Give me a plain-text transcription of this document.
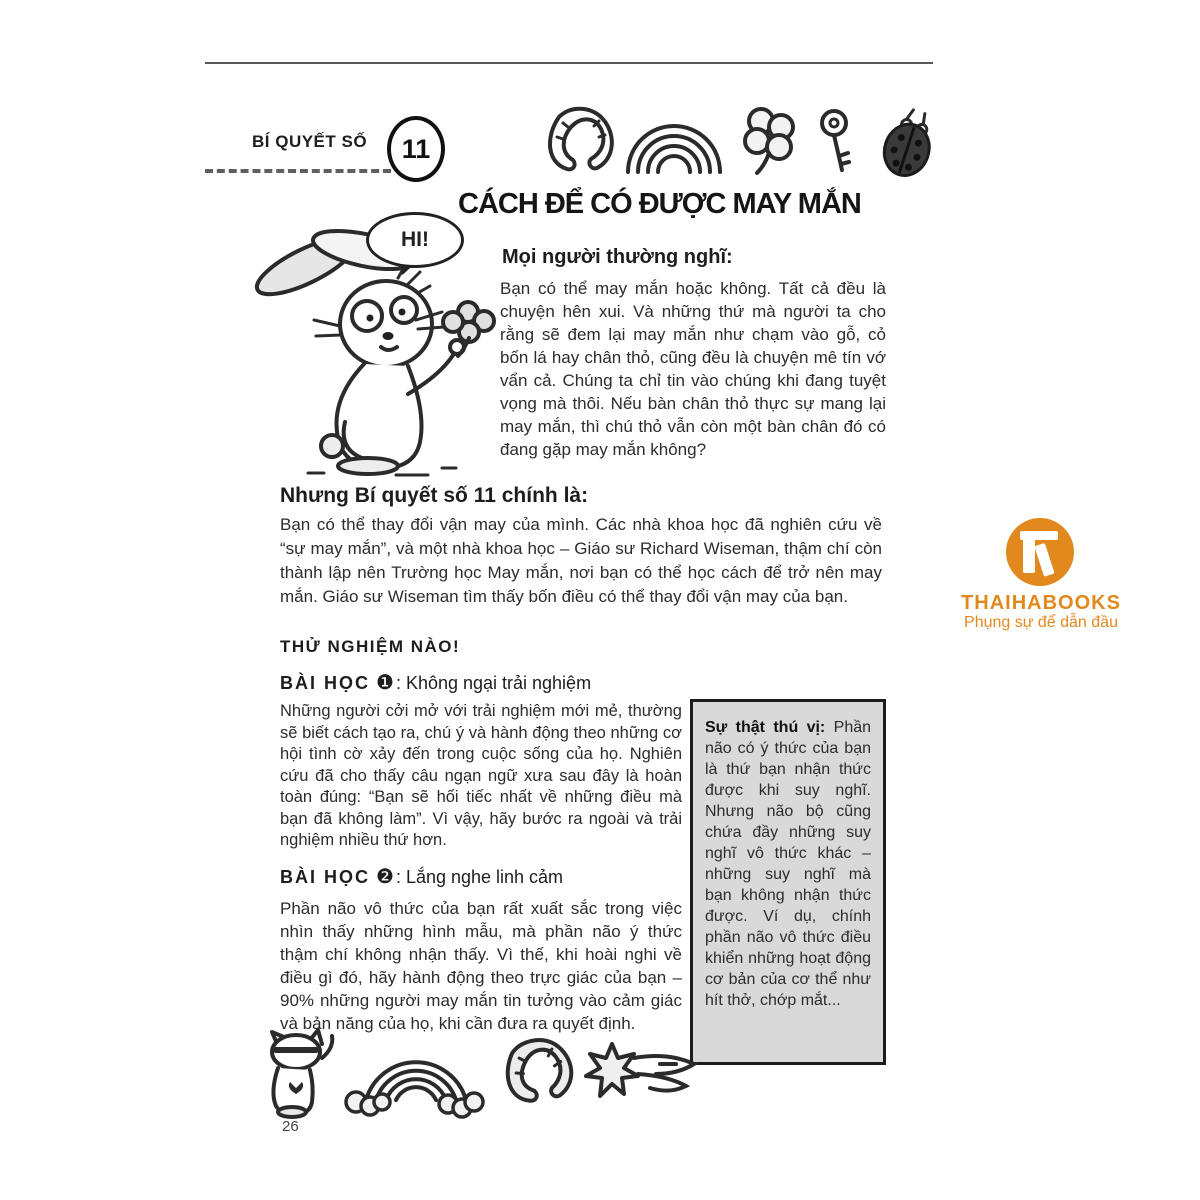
BÍ QUYẾT SỐ	11
CÁCH ĐỂ CÓ ĐƯỢC MAY MẮN
HI!
Mọi người thường nghĩ:
Bạn có thể may mắn hoặc không. Tất cả đều là chuyện hên xui. Và những thứ mà người ta cho rằng sẽ đem lại may mắn như chạm vào gỗ, cỏ bốn lá hay chân thỏ, cũng đều là chuyện mê tín vớ vẩn cả. Chúng ta chỉ tin vào chúng khi đang tuyệt vọng mà thôi. Nếu bàn chân thỏ thực sự mang lại may mắn, thì chú thỏ vẫn còn một bàn chân đó có đang gặp may mắn không?
Nhưng Bí quyết số 11 chính là:
Bạn có thể thay đổi vận may của mình. Các nhà khoa học đã nghiên cứu về “sự may mắn”, và một nhà khoa học – Giáo sư Richard Wiseman, thậm chí còn thành lập nên Trường học May mắn, nơi bạn có thể học cách để trở nên may mắn. Giáo sư Wiseman tìm thấy bốn điều có thể thay đổi vận may của bạn.
THỬ NGHIỆM NÀO!
BÀI HỌC ❶ : Không ngại trải nghiệm
Những người cởi mở với trải nghiệm mới mẻ, thường sẽ biết cách tạo ra, chú ý và hành động theo những cơ hội tình cờ xảy đến trong cuộc sống của họ. Nghiên cứu đã cho thấy câu ngạn ngữ xưa sau đây là hoàn toàn đúng: “Bạn sẽ hối tiếc nhất về những điều mà bạn đã không làm”. Vì vậy, hãy bước ra ngoài và trải nghiệm nhiều thứ hơn.
BÀI HỌC ❷ : Lắng nghe linh cảm
Phần não vô thức của bạn rất xuất sắc trong việc nhìn thấy những hình mẫu, mà phần não ý thức thậm chí không nhận thấy. Vì thế, khi hoài nghi về điều gì đó, hãy hành động theo trực giác của bạn – 90% những người may mắn tin tưởng vào cảm giác và bản năng của họ, khi cần đưa ra quyết định.
Sự thật thú vị: Phần não có ý thức của bạn là thứ bạn nhận thức được khi suy nghĩ. Nhưng não bộ cũng chứa đầy những suy nghĩ vô thức khác – những suy nghĩ mà bạn không nhận thức được. Ví dụ, chính phần não vô thức điều khiển những hoạt động cơ bản của cơ thể như hít thở, chớp mắt...
26
THAIHABOOKS
Phụng sự để dẫn đầu
